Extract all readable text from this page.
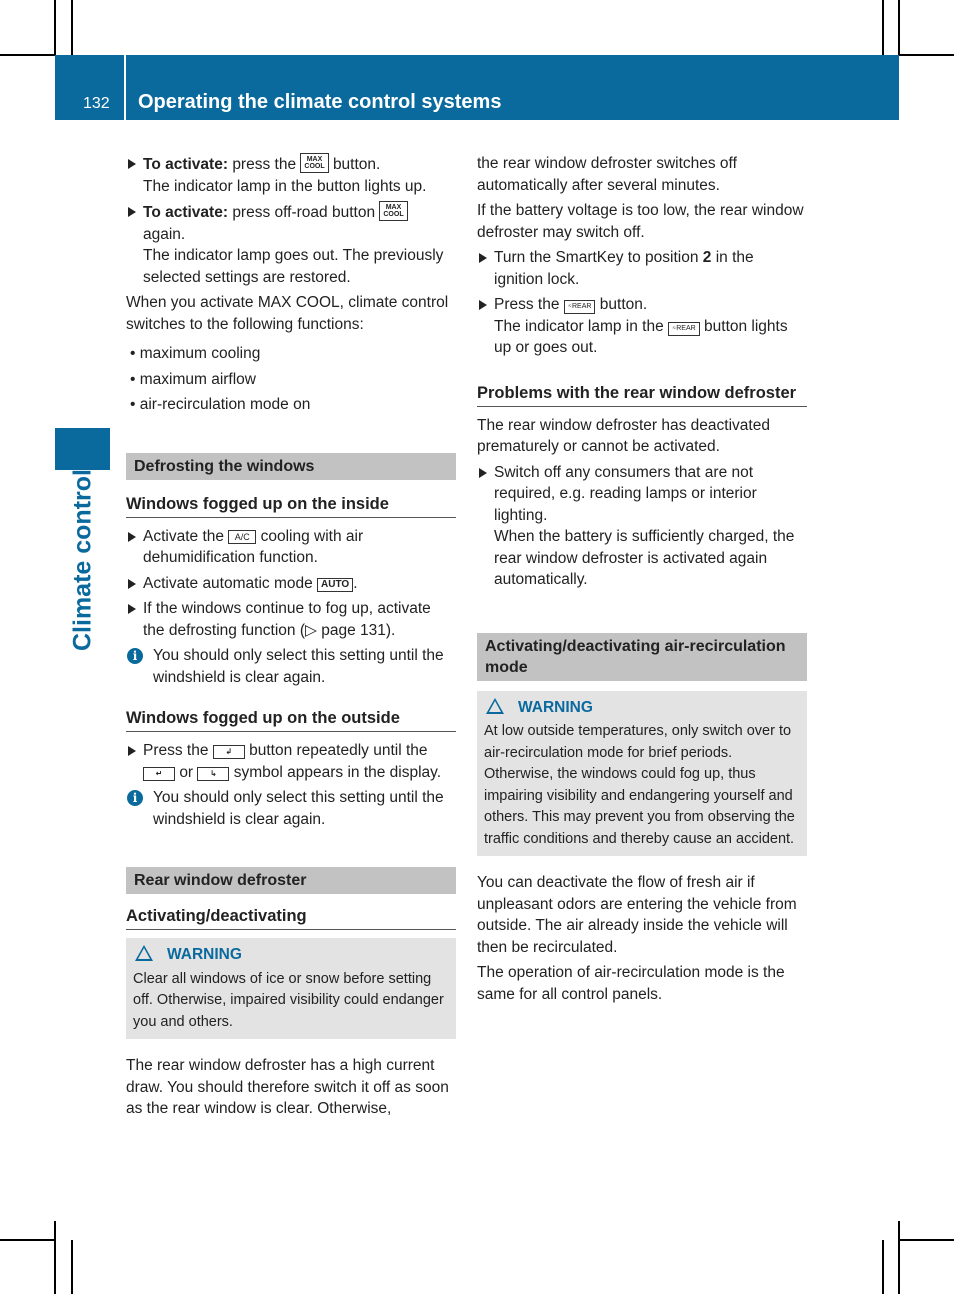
132 Operating the climate control systems
Climate control
To activate: press the MAX
COOL button.
The indicator lamp in the button lights up.
To activate: press off-road button MAX
COOL
again.
The indicator lamp goes out. The previously selected settings are restored.

When you activate MAX COOL, climate control switches to the following functions:

• maximum cooling

• maximum airflow

• air-recirculation mode on

Defrosting the windows
Windows fogged up on the inside
Activate the A/C cooling with air dehumidification function.
Activate automatic mode AUTO .
If the windows continue to fog up, activate the defrosting function (▷ page 131).
i	You should only select this setting until the windshield is clear again.
Windows fogged up on the outside
Press the ↲ button repeatedly until the
↵ or ↳ symbol appears in the display.
i	You should only select this setting until the windshield is clear again.
Rear window defroster
Activating/deactivating
WARNING
Clear all windows of ice or snow before setting off. Otherwise, impaired visibility could endanger you and others.

The rear window defroster has a high current draw. You should therefore switch it off as soon as the rear window is clear. Otherwise,

the rear window defroster switches off automatically after several minutes.

If the battery voltage is too low, the rear window defroster may switch off.

Turn the SmartKey to position 2 in the ignition lock.
Press the ⍨REAR button.
The indicator lamp in the ⍨REAR button lights up or goes out.
Problems with the rear window defroster

The rear window defroster has deactivated prematurely or cannot be activated.

Switch off any consumers that are not required, e.g. reading lamps or interior lighting.
When the battery is sufficiently charged, the rear window defroster is activated again automatically.
Activating/deactivating air-recirculation mode
WARNING
At low outside temperatures, only switch over to air-recirculation mode for brief periods. Otherwise, the windows could fog up, thus impairing visibility and endangering yourself and others. This may prevent you from observing the traffic conditions and thereby cause an accident.

You can deactivate the flow of fresh air if unpleasant odors are entering the vehicle from outside. The air already inside the vehicle will then be recirculated.

The operation of air-recirculation mode is the same for all control panels.
